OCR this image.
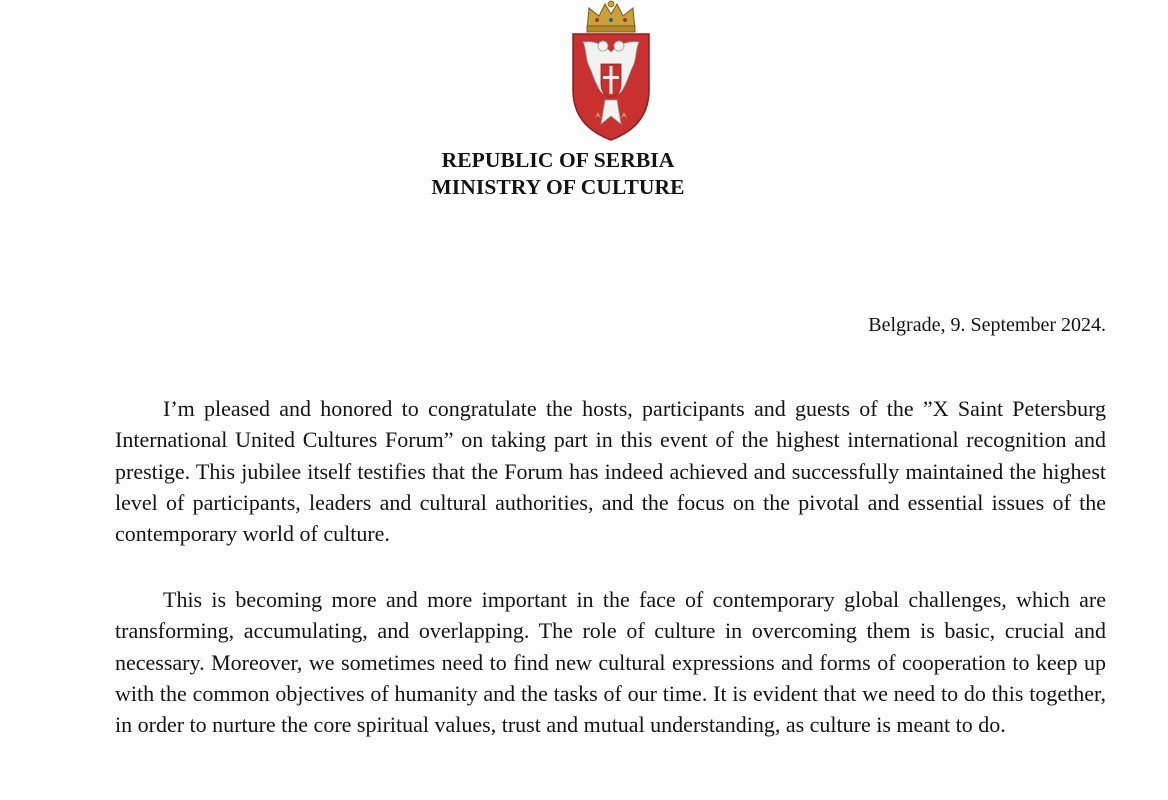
REPUBLIC OF SERBIA
MINISTRY OF CULTURE
Belgrade, 9. September 2024.

I’m pleased and honored to congratulate the hosts, participants and guests of the ”X Saint Petersburg International United Cultures Forum” on taking part in this event of the highest international recognition and prestige. This jubilee itself testifies that the Forum has indeed achieved and successfully maintained the highest level of participants, leaders and cultural authorities, and the focus on the pivotal and essential issues of the contemporary world of culture.

This is becoming more and more important in the face of contemporary global challenges, which are transforming, accumulating, and overlapping. The role of culture in overcoming them is basic, crucial and necessary. Moreover, we sometimes need to find new cultural expressions and forms of cooperation to keep up with the common objectives of humanity and the tasks of our time. It is evident that we need to do this together, in order to nurture the core spiritual values, trust and mutual understanding, as culture is meant to do.
